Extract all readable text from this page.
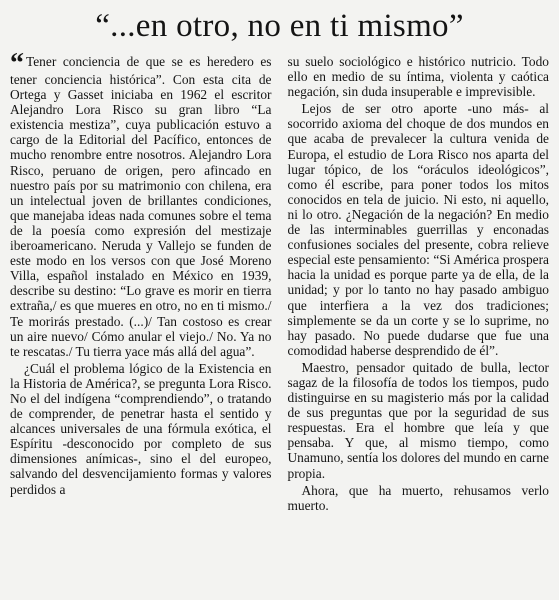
“...en otro, no en ti mismo”

“ Tener conciencia de que se es heredero es tener conciencia histórica”. Con esta cita de Ortega y Gasset iniciaba en 1962 el escritor Alejandro Lora Risco su gran libro “La existencia mestiza”, cuya publicación estuvo a cargo de la Editorial del Pacífico, entonces de mucho renombre entre nosotros. Alejandro Lora Risco, peruano de origen, pero afincado en nuestro país por su matrimonio con chilena, era un intelectual joven de brillantes condiciones, que manejaba ideas nada comunes sobre el tema de la poesía como expresión del mestizaje iberoamericano. Neruda y Vallejo se funden de este modo en los versos con que José Moreno Villa, español instalado en México en 1939, describe su destino: “Lo grave es morir en tierra extraña,/ es que mueres en otro, no en ti mismo./ Te morirás prestado. (...)/ Tan costoso es crear un aire nuevo/ Cómo anular el viejo./ No. Ya no te rescatas./ Tu tierra yace más allá del agua”.

¿Cuál el problema lógico de la Existencia en la Historia de América?, se pregunta Lora Risco. No el del indígena “comprendiendo”, o tratando de comprender, de penetrar hasta el sentido y alcances universales de una fórmula exótica, el Espíritu -desconocido por completo de sus dimensiones anímicas-, sino el del europeo, salvando del desvencijamiento formas y valores perdidos a

su suelo sociológico e histórico nutricio. Todo ello en medio de su íntima, violenta y caótica negación, sin duda insuperable e imprevisible.

Lejos de ser otro aporte -uno más- al socorrido axioma del choque de dos mundos en que acaba de prevalecer la cultura venida de Europa, el estudio de Lora Risco nos aparta del lugar tópico, de los “oráculos ideológicos”, como él escribe, para poner todos los mitos conocidos en tela de juicio. Ni esto, ni aquello, ni lo otro. ¿Negación de la negación? En medio de las interminables guerrillas y enconadas confusiones sociales del presente, cobra relieve especial este pensamiento: “Si América prospera hacia la unidad es porque parte ya de ella, de la unidad; y por lo tanto no hay pasado ambiguo que interfiera a la vez dos tradiciones; simplemente se da un corte y se lo suprime, no hay pasado. No puede dudarse que fue una comodidad haberse desprendido de él”.

Maestro, pensador quitado de bulla, lector sagaz de la filosofía de todos los tiempos, pudo distinguirse en su magisterio más por la calidad de sus preguntas que por la seguridad de sus respuestas. Era el hombre que leía y que pensaba. Y que, al mismo tiempo, como Unamuno, sentía los dolores del mundo en carne propia.

Ahora, que ha muerto, rehusamos verlo muerto.
